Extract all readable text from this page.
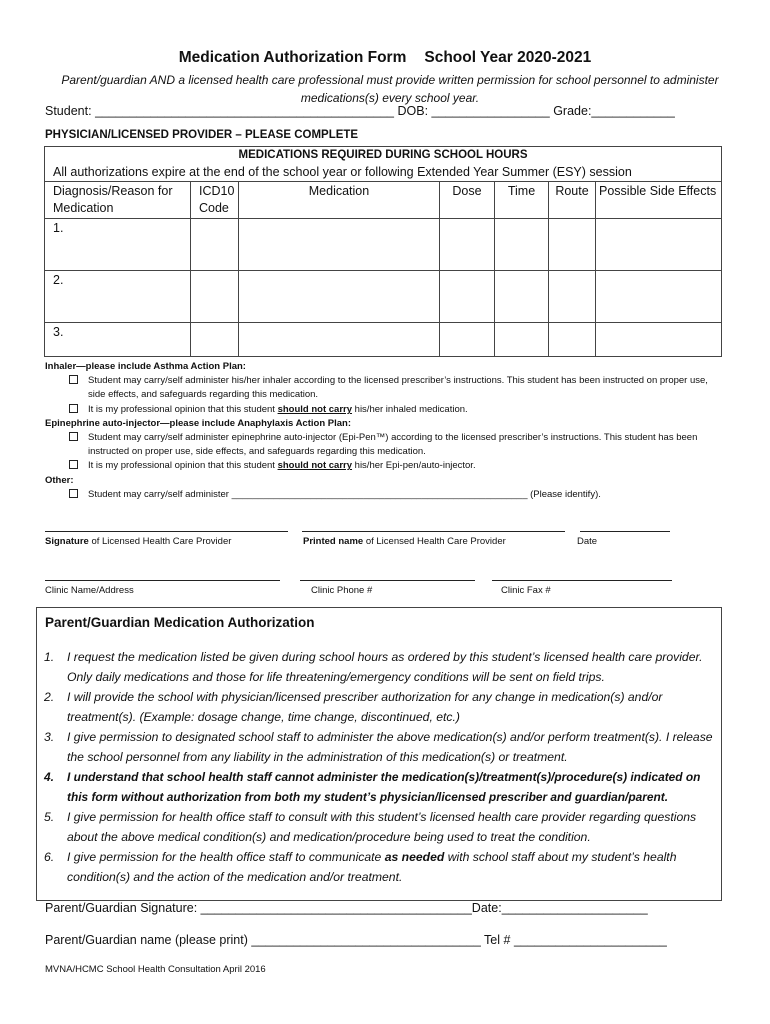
Medication Authorization Form School Year 2020-2021
Parent/guardian AND a licensed health care professional must provide written permission for school personnel to administer medications(s) every school year.
Student: ___________________________________________ DOB: _________________ Grade:____________
PHYSICIAN/LICENSED PROVIDER – PLEASE COMPLETE
MEDICATIONS REQUIRED DURING SCHOOL HOURS
All authorizations expire at the end of the school year or following Extended Year Summer (ESY) session						

Diagnosis/Reason for Medication	ICD10 Code	Medication	Dose	Time	Route	Possible Side Effects
1.						
2.						
3.						
Inhaler—please include Asthma Action Plan:
Student may carry/self administer his/her inhaler according to the licensed prescriber’s instructions. This student has been instructed on proper use, side effects, and safeguards regarding this medication.
It is my professional opinion that this student should not carry his/her inhaled medication.
Epinephrine auto-injector—please include Anaphylaxis Action Plan:
Student may carry/self administer epinephrine auto-injector (Epi-Pen™) according to the licensed prescriber’s instructions. This student has been instructed on proper use, side effects, and safeguards regarding this medication.
It is my professional opinion that this student should not carry his/her Epi-pen/auto-injector.
Other:
Student may carry/self administer ________________________________________________________ (Please identify).
Signature of Licensed Health Care Provider	Printed name of Licensed Health Care Provider	Date
Clinic Name/Address	Clinic Phone #	Clinic Fax #
Parent/Guardian Medication Authorization
1. I request the medication listed be given during school hours as ordered by this student’s licensed health care provider. Only daily medications and those for life threatening/emergency conditions will be sent on field trips.
2. I will provide the school with physician/licensed prescriber authorization for any change in medication(s) and/or treatment(s). (Example: dosage change, time change, discontinued, etc.)
3. I give permission to designated school staff to administer the above medication(s) and/or perform treatment(s). I release the school personnel from any liability in the administration of this medication(s) or treatment.
4. I understand that school health staff cannot administer the medication(s)/treatment(s)/procedure(s) indicated on this form without authorization from both my student’s physician/licensed prescriber and guardian/parent.
5. I give permission for health office staff to consult with this student’s licensed health care provider regarding questions about the above medical condition(s) and medication/procedure being used to treat the condition.
6. I give permission for the health office staff to communicate as needed with school staff about my student’s health condition(s) and the action of the medication and/or treatment.
Parent/Guardian Signature: _______________________________________Date:_____________________
Parent/Guardian name (please print) _________________________________ Tel # ______________________
MVNA/HCMC School Health Consultation April 2016
